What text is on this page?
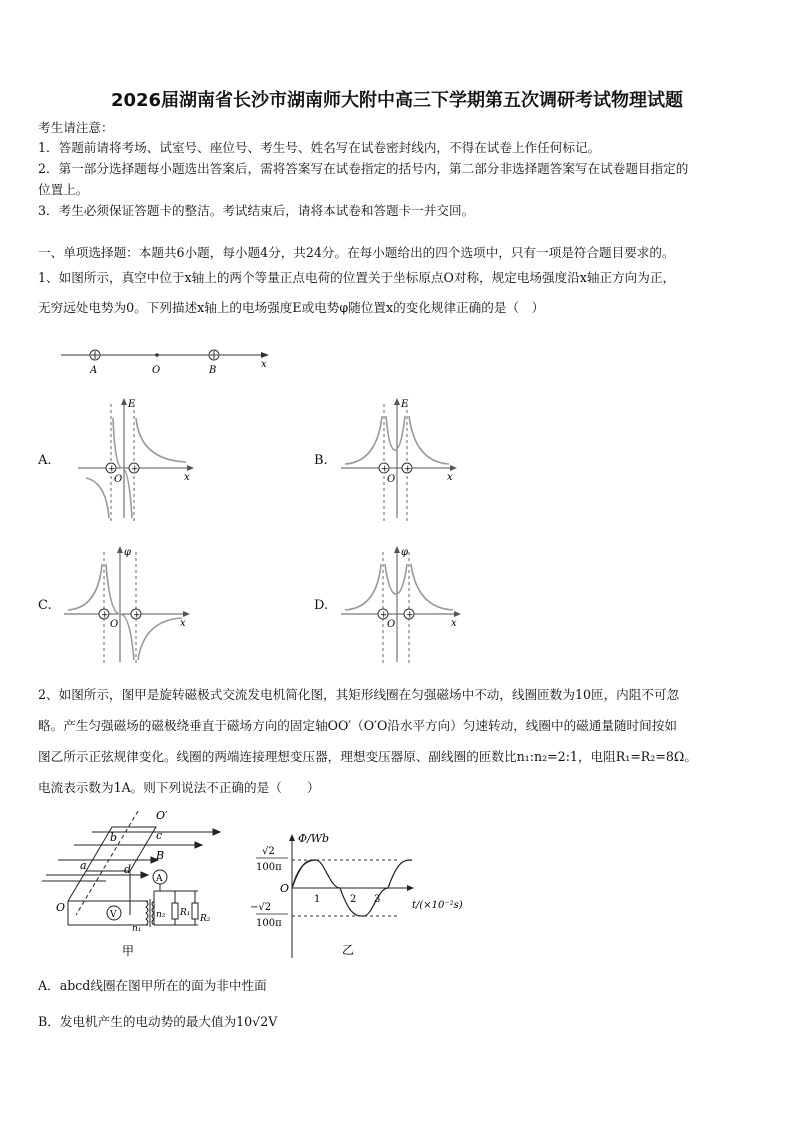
2026届湖南省长沙市湖南师大附中高三下学期第五次调研考试物理试题
考生请注意：
1．答题前请将考场、试室号、座位号、考生号、姓名写在试卷密封线内，不得在试卷上作任何标记。
2．第一部分选择题每小题选出答案后，需将答案写在试卷指定的括号内，第二部分非选择题答案写在试卷题目指定的
位置上。
3．考生必须保证答题卡的整洁。考试结束后，请将本试卷和答题卡一并交回。
一、单项选择题：本题共6小题，每小题4分，共24分。在每小题给出的四个选项中，只有一项是符合题目要求的。
1、如图所示，真空中位于x轴上的两个等量正点电荷的位置关于坐标原点O对称，规定电场强度沿x轴正方向为正，
无穷远处电势为0。下列描述x轴上的电场强度E或电势φ随位置x的变化规律正确的是（　）
A	O	B
x
A.	B.
C.	D.
+ +
E
O	x
+ +
E
O	x
+	+
φ
O	x
+ +
φ
O	x
2、如图所示，图甲是旋转磁极式交流发电机简化图，其矩形线圈在匀强磁场中不动，线圈匝数为10匝，内阻不可忽
略。产生匀强磁场的磁极绕垂直于磁场方向的固定轴OO′（O′O沿水平方向）匀速转动，线圈中的磁通量随时间按如
图乙所示正弦规律变化。线圈的两端连接理想变压器，理想变压器原、副线圈的匝数比n₁:n₂=2:1，电阻R₁=R₂=8Ω。
电流表示数为1A。则下列说法不正确的是（　　）
O′
b	c
B
a	d
O
V
A
n₁
n₂ R₁
R₂
甲
Φ/Wb
√2
100π
O
1	2 3
t/(×10⁻²s)
−√2
100π
乙
A．abcd线圈在图甲所在的面为非中性面
B．发电机产生的电动势的最大值为10√2V
